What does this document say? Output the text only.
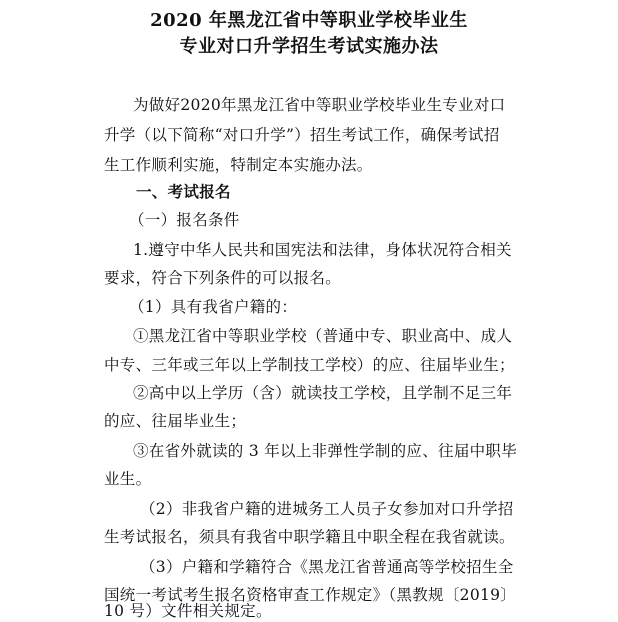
2020 年黑龙江省中等职业学校毕业生
专业对口升学招生考试实施办法
为做好2020年黑龙江省中等职业学校毕业生专业对口
升学（以下简称“对口升学”）招生考试工作，确保考试招
生工作顺利实施，特制定本实施办法。
一、考试报名
（一）报名条件
1.遵守中华人民共和国宪法和法律，身体状况符合相关
要求，符合下列条件的可以报名。
（1）具有我省户籍的：
①黑龙江省中等职业学校（普通中专、职业高中、成人
中专、三年或三年以上学制技工学校）的应、往届毕业生；
②高中以上学历（含）就读技工学校，且学制不足三年
的应、往届毕业生；
③在省外就读的 3 年以上非弹性学制的应、往届中职毕
业生。
（2）非我省户籍的进城务工人员子女参加对口升学招
生考试报名，须具有我省中职学籍且中职全程在我省就读。
（3）户籍和学籍符合《黑龙江省普通高等学校招生全
国统一考试考生报名资格审查工作规定》（黑教规〔2019〕
10 号）文件相关规定。
